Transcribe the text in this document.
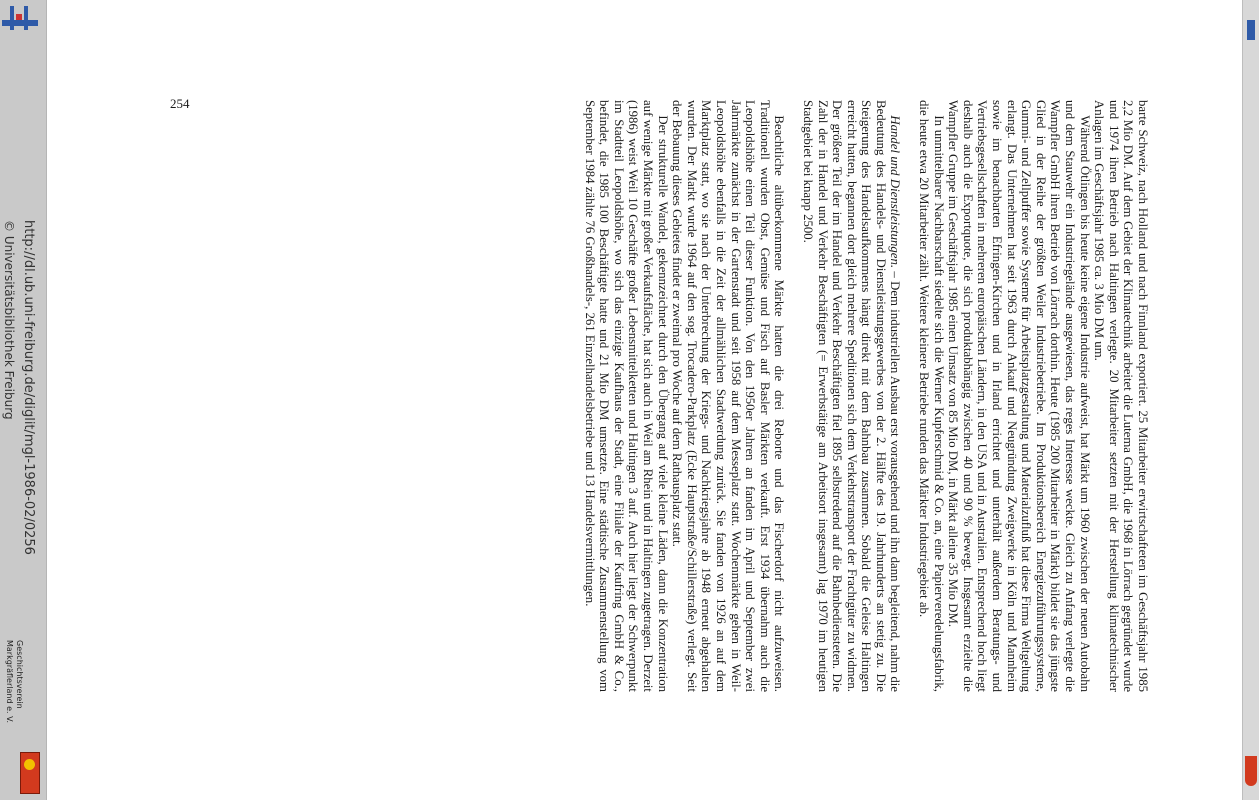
http://dl.ub.uni-freiburg.de/diglit/mgl-1986-02/0256
© Universitätsbibliothek Freiburg
Geschichtsverein
Markgräflerland e. V.	barte Schweiz, nach Holland und nach Finnland exportiert. 25 Mitarbeiter erwirtschafteten im Geschäftsjahr 1985 2,2 Mio DM. Auf dem Gebiet der Klimatechnik arbeitet die Lutema GmbH, die 1968 in Lörrach gegründet wurde und 1974 ihren Betrieb nach Haltingen verlegte. 20 Mitarbeiter setzten mit der Herstellung klimatechnischer Anlagen im Geschäftsjahr 1985 ca. 3 Mio DM um.

Während Ötlingen bis heute keine eigene Industrie aufweist, hat Märkt um 1960 zwischen der neuen Autobahn und dem Stauwehr ein Industriegelände ausgewiesen, das reges Interesse weckte. Gleich zu Anfang verlegte die Wampfler GmbH ihren Betrieb von Lörrach dorthin. Heute (1985 200 Mitarbeiter in Märkt) bildet sie das jüngste Glied in der Reihe der größten Weiler Industriebetriebe. Im Produktionsbereich Energiezuführungssysteme, Gummi- und Zellpuffer sowie Systeme für Arbeitsplatzgestaltung und Materialzufluß hat diese Firma Weltgeltung erlangt. Das Unternehmen hat seit 1963 durch Ankauf und Neugründung Zweigwerke in Köln und Mannheim sowie im benachbarten Efringen-Kirchen und in Irland errichtet und unterhält außerdem Beratungs- und Vertriebsgesellschaften in mehreren europäischen Ländern, in den USA und in Australien. Entsprechend hoch liegt deshalb auch die Exportquote, die sich produktabhängig zwischen 40 und 90 % bewegt. Insgesamt erzielte die Wampfler Gruppe im Geschäftsjahr 1985 einen Umsatz von 85 Mio DM, in Märkt alleine 35 Mio DM.

In unmittelbarer Nachbarschaft siedelte sich die Werner Kupferschmid & Co. an, eine Papierveredelungsfabrik, die heute etwa 20 Mitarbeiter zählt. Weitere kleinere Betriebe runden das Märkter Industriegebiet ab.

Handel und Dienstleistungen. – Dem industriellen Ausbau erst vorausgehend und ihn dann begleitend, nahm die Bedeutung des Handels- und Dienstleistungsgewerbes von der 2. Hälfte des 19. Jahrhunderts an stetig zu. Die Steigerung des Handelsaufkommens hängt direkt mit dem Bahnbau zusammen. Sobald die Geleise Haltingen erreicht hatten, begannen dort gleich mehrere Speditionen sich dem Verkehrstransport der Frachtgüter zu widmen. Der größere Teil der im Handel und Verkehr Beschäftigten fiel 1895 selbstredend auf die Bahnbediensteten. Die Zahl der in Handel und Verkehr Beschäftigten (= Erwerbstätige am Arbeitsort insgesamt) lag 1970 im heutigen Stadtgebiet bei knapp 2500.

Beachtliche altüberkommene Märkte hatten die drei Reborte und das Fischerdorf nicht aufzuweisen. Traditionell wurden Obst, Gemüse und Fisch auf Basler Märkten verkauft. Erst 1934 übernahm auch die Leopoldshöhe einen Teil dieser Funktion. Von den 1950er Jahren an fanden im April und September zwei Jahrmärkte zunächst in der Gartenstadt und seit 1958 auf dem Messeplatz statt. Wochenmärkte gehen in Weil-Leopoldshöhe ebenfalls in die Zeit der allmählichen Stadtwerdung zurück. Sie fanden von 1926 an auf dem Marktplatz statt, wo sie nach der Unterbrechung der Kriegs- und Nachkriegsjahre ab 1948 erneut abgehalten wurden. Der Markt wurde 1964 auf den sog. Trocadero-Parkplatz (Ecke Hauptstraße/Schillerstraße) verlegt. Seit der Bebauung dieses Gebietes findet er zweimal pro Woche auf dem Rathausplatz statt.

Der strukturelle Wandel, gekennzeichnet durch den Übergang auf viele kleine Läden, dann die Konzentration auf wenige Märkte mit großer Verkaufsfläche, hat sich auch in Weil am Rhein und in Haltingen zugetragen. Derzeit (1986) weist Weil 10 Geschäfte großer Lebensmittelketten und Haltingen 3 auf. Auch hier liegt der Schwerpunkt im Stadtteil Leopoldshöhe, wo sich das einzige Kaufhaus der Stadt, eine Filiale der Kaufring GmbH & Co., befindet, die 1985 100 Beschäftigte hatte und 21 Mio DM umsetzte. Eine städtische Zusammenstellung vom September 1984 zählte 76 Großhandels-, 261 Einzelhandelsbetriebe und 13 Handelsvermittlungen.

254
